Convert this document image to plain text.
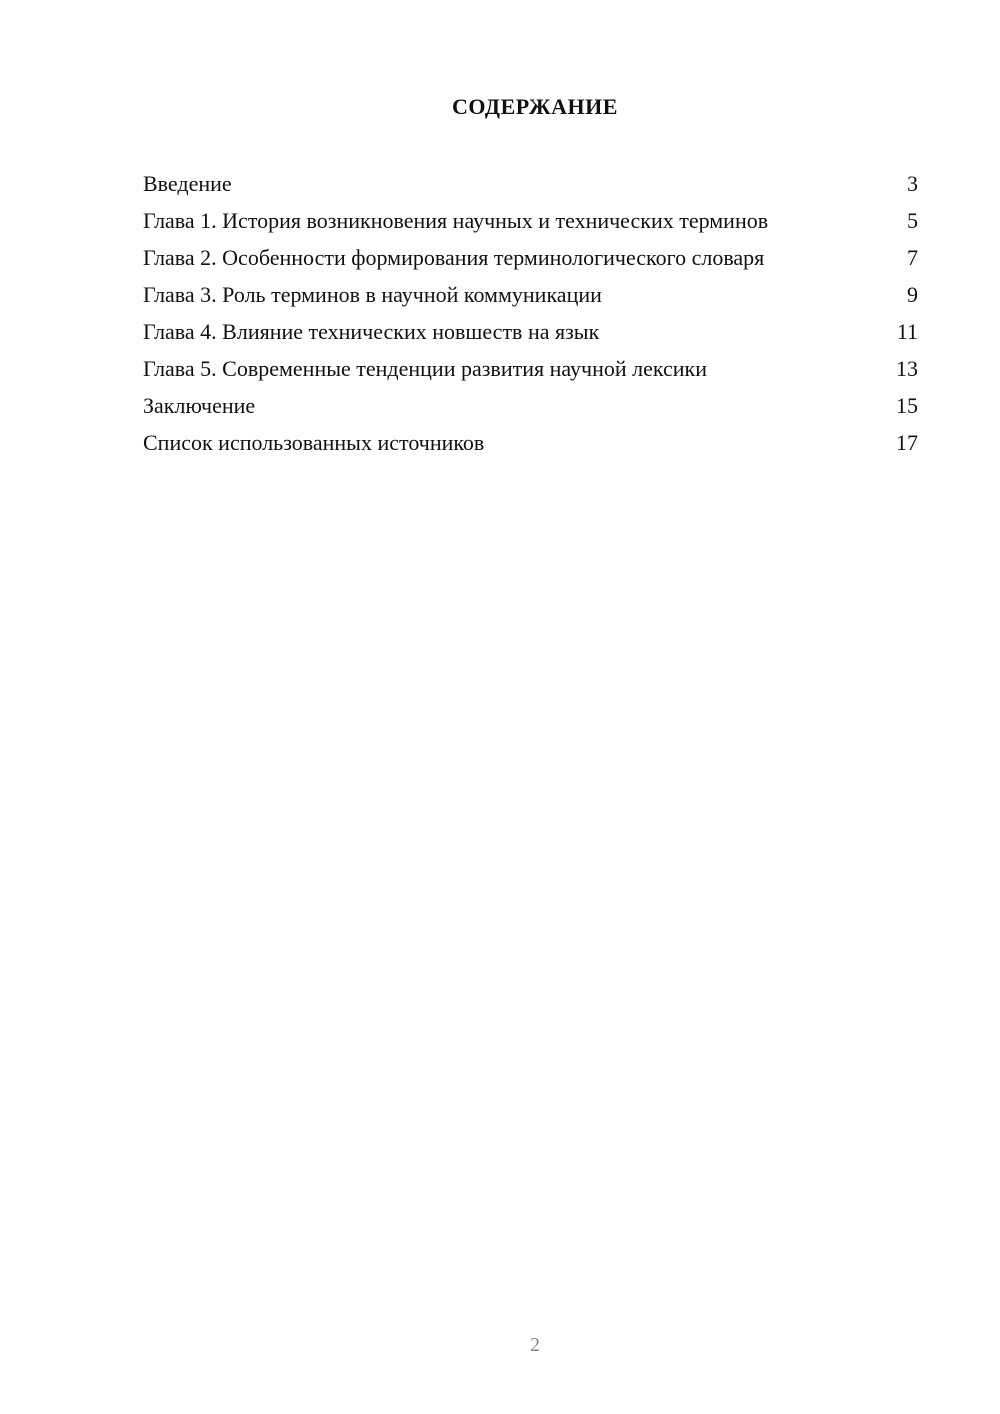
СОДЕРЖАНИЕ
Введение	3
Глава 1. История возникновения научных и технических терминов	5
Глава 2. Особенности формирования терминологического словаря	7
Глава 3. Роль терминов в научной коммуникации	9
Глава 4. Влияние технических новшеств на язык	11
Глава 5. Современные тенденции развития научной лексики	13
Заключение	15
Список использованных источников	17
2
